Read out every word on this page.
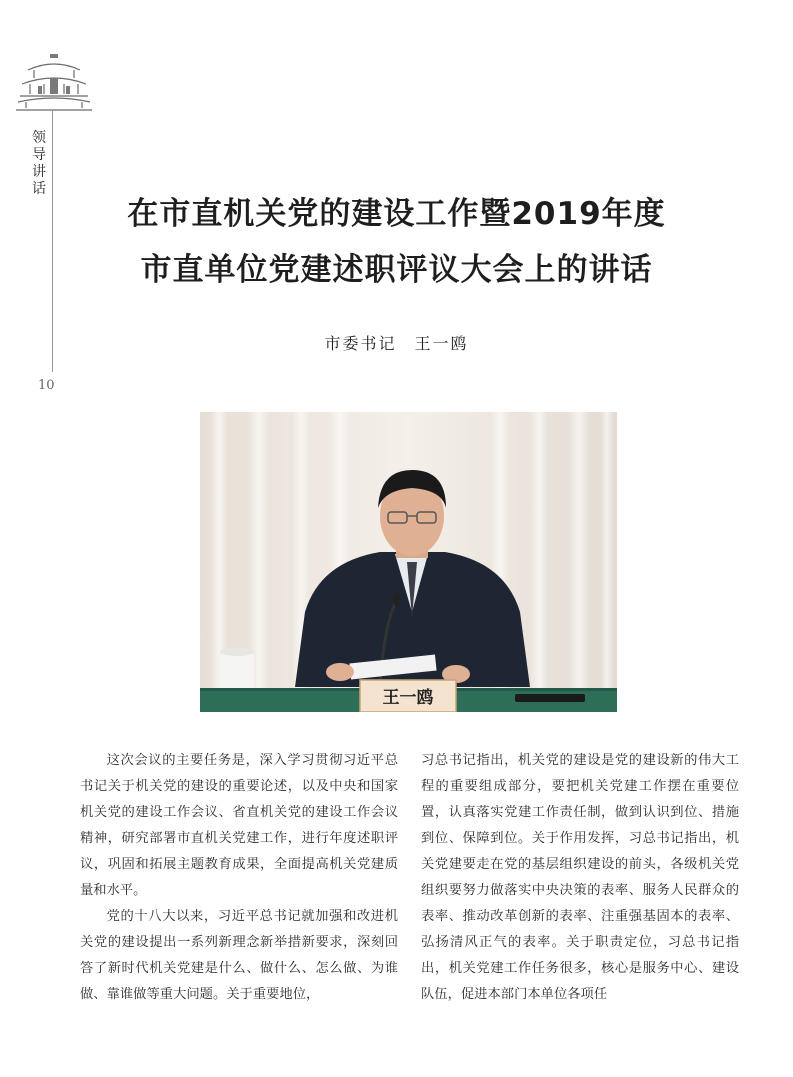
领
导
讲
话
10
在市直机关党的建设工作暨2019年度
市直单位党建述职评议大会上的讲话
市委书记　王一鸥
王一鸥

这次会议的主要任务是，深入学习贯彻习近平总书记关于机关党的建设的重要论述，以及中央和国家机关党的建设工作会议、省直机关党的建设工作会议精神，研究部署市直机关党建工作，进行年度述职评议，巩固和拓展主题教育成果，全面提高机关党建质量和水平。

党的十八大以来，习近平总书记就加强和改进机关党的建设提出一系列新理念新举措新要求，深刻回答了新时代机关党建是什么、做什么、怎么做、为谁做、靠谁做等重大问题。关于重要地位，

习总书记指出，机关党的建设是党的建设新的伟大工程的重要组成部分，要把机关党建工作摆在重要位置，认真落实党建工作责任制，做到认识到位、措施到位、保障到位。关于作用发挥，习总书记指出，机关党建要走在党的基层组织建设的前头，各级机关党组织要努力做落实中央决策的表率、服务人民群众的表率、推动改革创新的表率、注重强基固本的表率、弘扬清风正气的表率。关于职责定位，习总书记指出，机关党建工作任务很多，核心是服务中心、建设队伍，促进本部门本单位各项任
